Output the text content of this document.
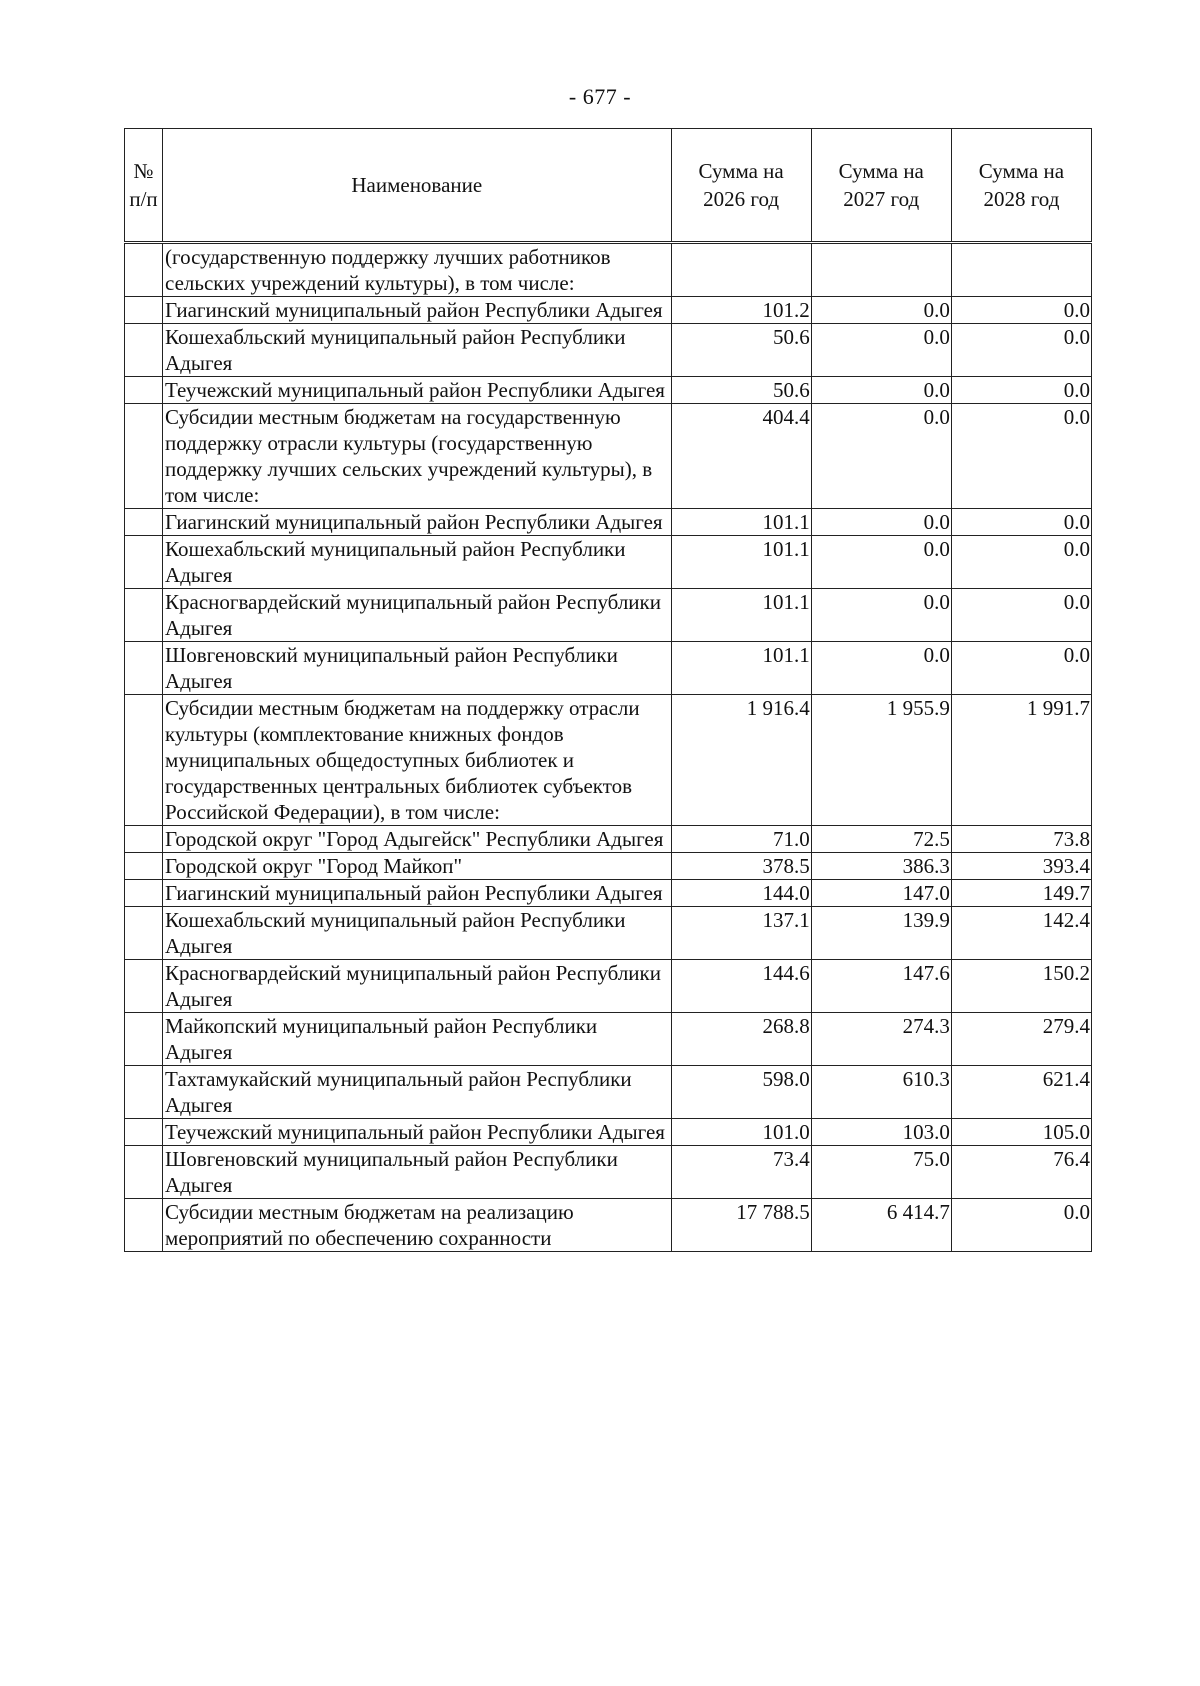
- 677 -
№ п/п	Наименование	Сумма на 2026 год	Сумма на 2027 год	Сумма на 2028 год
	(государственную поддержку лучших работников сельских учреждений культуры), в том числе:			
	Гиагинский муниципальный район Республики Адыгея	101.2	0.0	0.0
	Кошехабльский муниципальный район Республики Адыгея	50.6	0.0	0.0
	Теучежский муниципальный район Республики Адыгея	50.6	0.0	0.0
	Субсидии местным бюджетам на государственную поддержку отрасли культуры (государственную поддержку лучших сельских учреждений культуры), в том числе:	404.4	0.0	0.0
	Гиагинский муниципальный район Республики Адыгея	101.1	0.0	0.0
	Кошехабльский муниципальный район Республики Адыгея	101.1	0.0	0.0
	Красногвардейский муниципальный район Республики Адыгея	101.1	0.0	0.0
	Шовгеновский муниципальный район Республики Адыгея	101.1	0.0	0.0
	Субсидии местным бюджетам на поддержку отрасли культуры (комплектование книжных фондов муниципальных общедоступных библиотек и государственных центральных библиотек субъектов Российской Федерации), в том числе:	1 916.4	1 955.9	1 991.7
	Городской округ "Город Адыгейск" Республики Адыгея	71.0	72.5	73.8
	Городской округ "Город Майкоп"	378.5	386.3	393.4
	Гиагинский муниципальный район Республики Адыгея	144.0	147.0	149.7
	Кошехабльский муниципальный район Республики Адыгея	137.1	139.9	142.4
	Красногвардейский муниципальный район Республики Адыгея	144.6	147.6	150.2
	Майкопский муниципальный район Республики Адыгея	268.8	274.3	279.4
	Тахтамукайский муниципальный район Республики Адыгея	598.0	610.3	621.4
	Теучежский муниципальный район Республики Адыгея	101.0	103.0	105.0
	Шовгеновский муниципальный район Республики Адыгея	73.4	75.0	76.4
	Субсидии местным бюджетам на реализацию мероприятий по обеспечению сохранности	17 788.5	6 414.7	0.0
